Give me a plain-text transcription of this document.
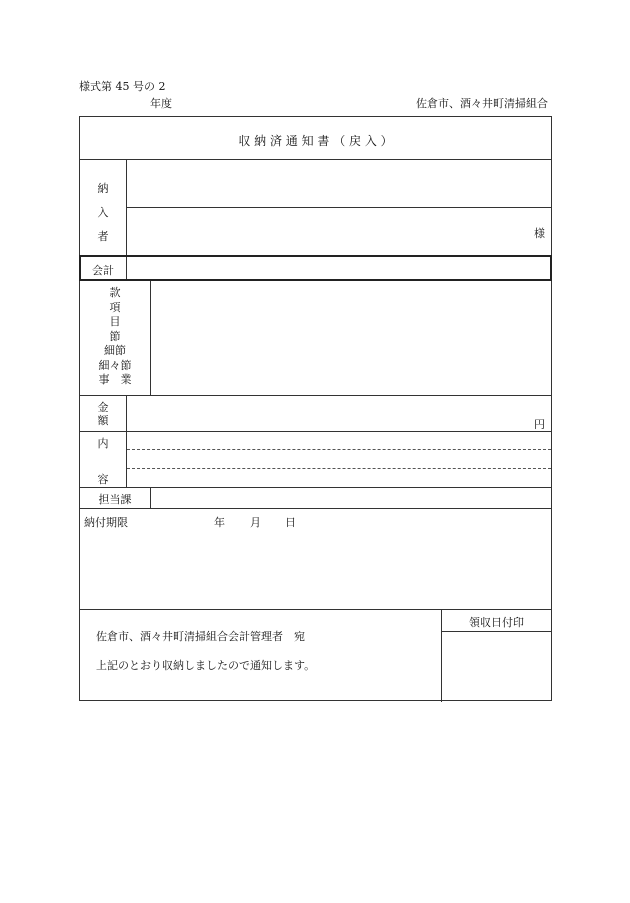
様式第 45 号の 2
年度	佐倉市、酒々井町清掃組合
収 納 済 通 知 書 （ 戻 入 ）
納
入
者	様
会計
款
項
目
節
細節
細々節
事　業
金
額	円
内
容
担当課
納付期限	年 月 日
佐倉市、酒々井町清掃組合会計管理者　宛
上記のとおり収納しましたので通知します。
領収日付印
